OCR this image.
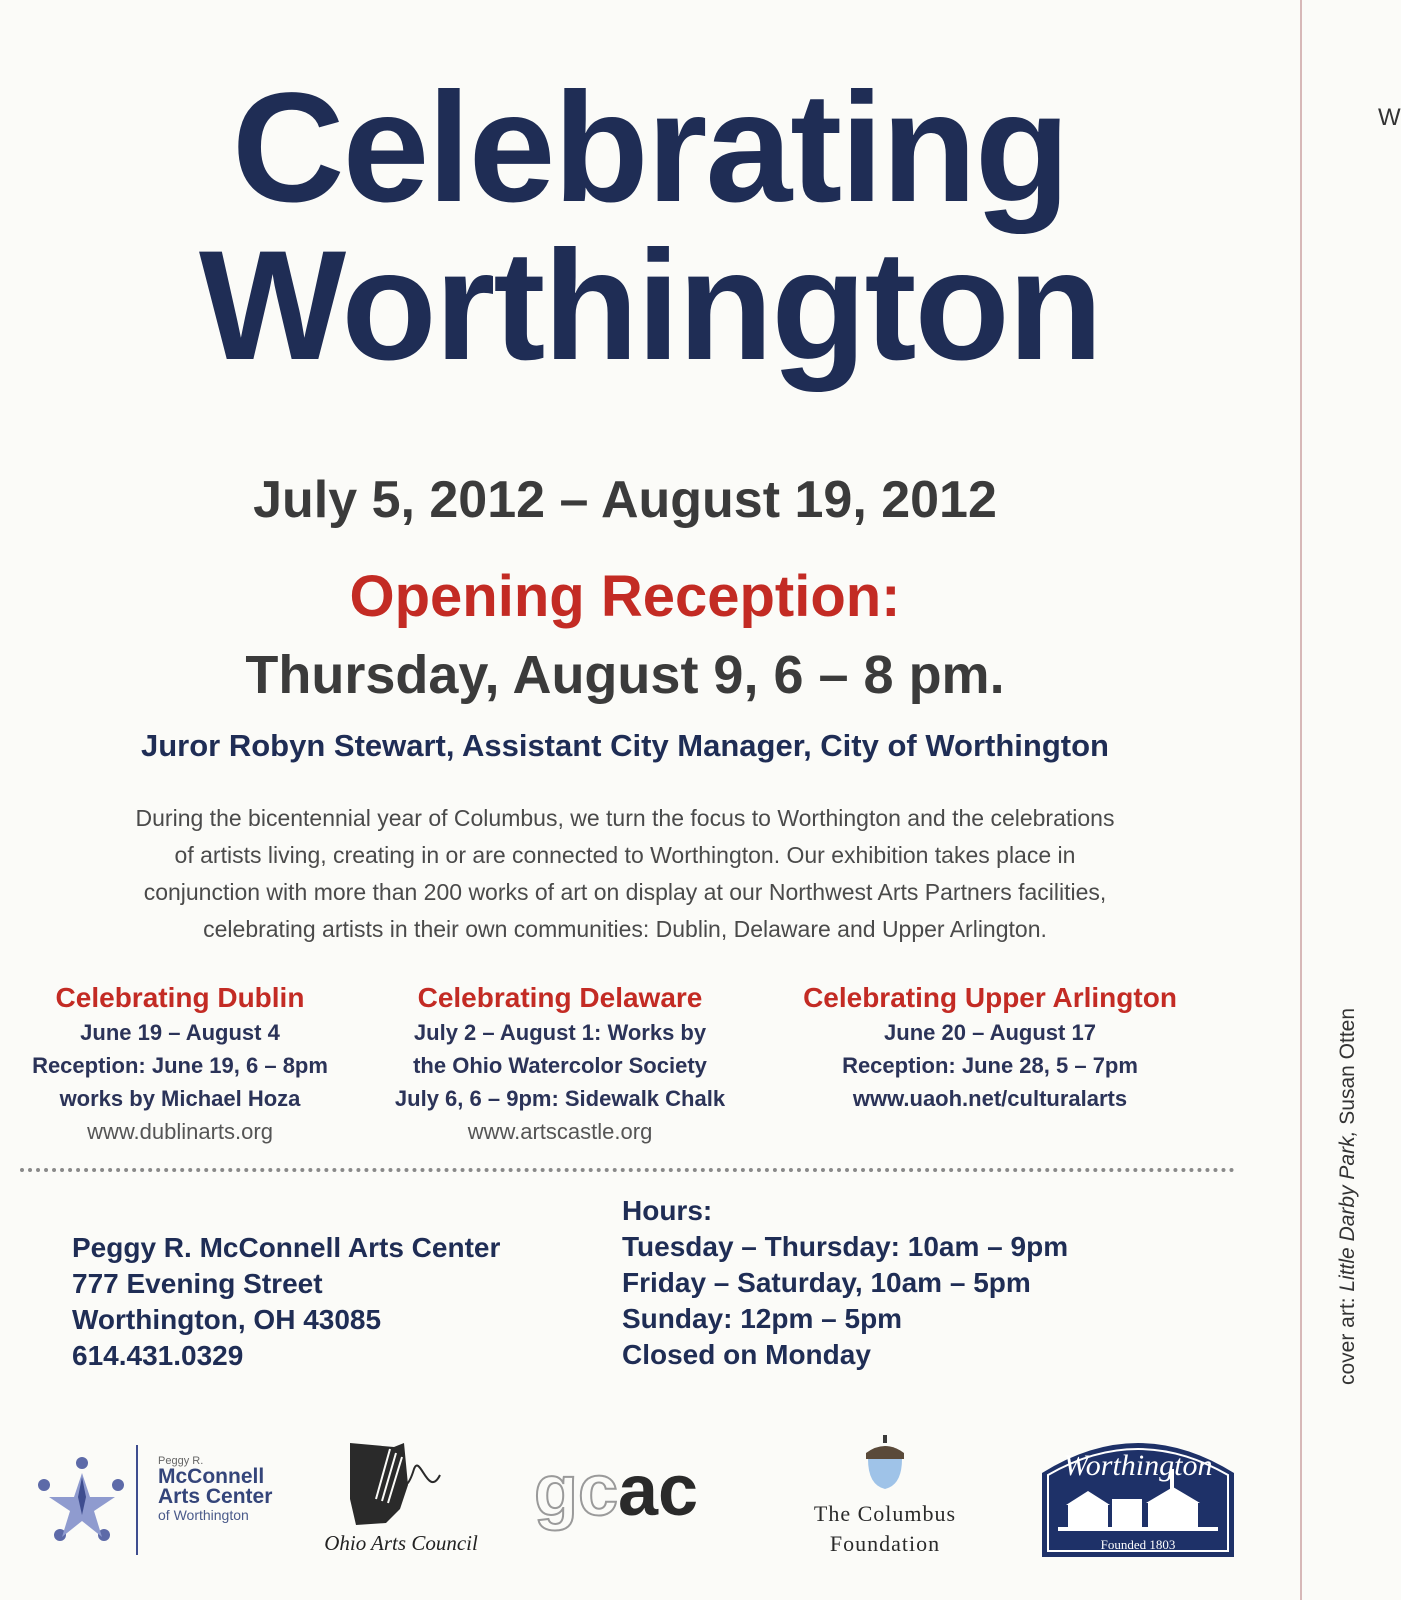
Celebrating
Worthington
July 5, 2012 – August 19, 2012
Opening Reception:
Thursday, August 9, 6 – 8 pm.
Juror Robyn Stewart, Assistant City Manager, City of Worthington
During the bicentennial year of Columbus, we turn the focus to Worthington and the celebrations
of artists living, creating in or are connected to Worthington. Our exhibition takes place in
conjunction with more than 200 works of art on display at our Northwest Arts Partners facilities,
celebrating artists in their own communities: Dublin, Delaware and Upper Arlington.
Celebrating Dublin
June 19 – August 4
Reception: June 19, 6 – 8pm
works by Michael Hoza
www.dublinarts.org
Celebrating Delaware
July 2 – August 1: Works by
the Ohio Watercolor Society
July 6, 6 – 9pm: Sidewalk Chalk
www.artscastle.org
Celebrating Upper Arlington
June 20 – August 17
Reception: June 28, 5 – 7pm
www.uaoh.net/culturalarts
Peggy R. McConnell Arts Center
777 Evening Street
Worthington, OH 43085
614.431.0329
Hours:
Tuesday – Thursday: 10am – 9pm
Friday – Saturday, 10am – 5pm
Sunday: 12pm – 5pm
Closed on Monday
Peggy R.
McConnell
Arts Center
of Worthington
Ohio Arts Council
gc ac	The Columbus
Foundation
Worthington
Founded 1803
W
cover art: Little Darby Park, Susan Otten
